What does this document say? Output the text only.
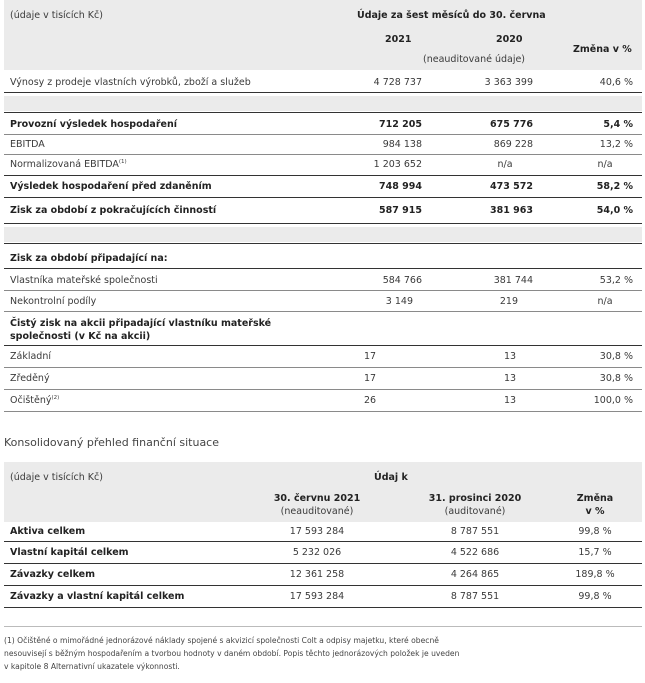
(údaje v tisících Kč)	Údaje za šest měsíců do 30. června
2021	2020
(neauditované údaje)
Změna v %
Výnosy z prodeje vlastních výrobků, zboží a služeb	4 728 737	3 363 399	40,6 %
Provozní výsledek hospodaření	712 205	675 776	5,4 %
EBITDA	984 138	869 228	13,2 %
Normalizovaná EBITDA$^{(1)}$	1 203 652	n/a	n/a
Výsledek hospodaření před zdaněním	748 994	473 572	58,2 %
Zisk za období z pokračujících činností	587 915	381 963	54,0 %
Zisk za období připadající na:
Vlastníka mateřské společnosti	584 766	381 744	53,2 %
Nekontrolní podíly	3 149	219	n/a
Čistý zisk na akcii připadající vlastníku mateřské
společnosti (v Kč na akcii)
Základní	17	13	30,8 %
Zředěný	17	13	30,8 %
Očištěný$^{(2)}$	26	13	100,0 %
Konsolidovaný přehled finanční situace
(údaje v tisících Kč)	Údaj k
30. červnu 2021
(neauditované)
31. prosinci 2020
(auditované)
Změna
v %
Aktiva celkem	17 593 284	8 787 551	99,8 %
Vlastní kapitál celkem	5 232 026	4 522 686	15,7 %
Závazky celkem	12 361 258	4 264 865	189,8 %
Závazky a vlastní kapitál celkem	17 593 284	8 787 551	99,8 %
(1) Očištěné o mimořádné jednorázové náklady spojené s akvizicí společnosti Colt a odpisy majetku, které obecně
nesouvisejí s běžným hospodařením a tvorbou hodnoty v daném období. Popis těchto jednorázových položek je uveden
v kapitole 8 Alternativní ukazatele výkonnosti.
